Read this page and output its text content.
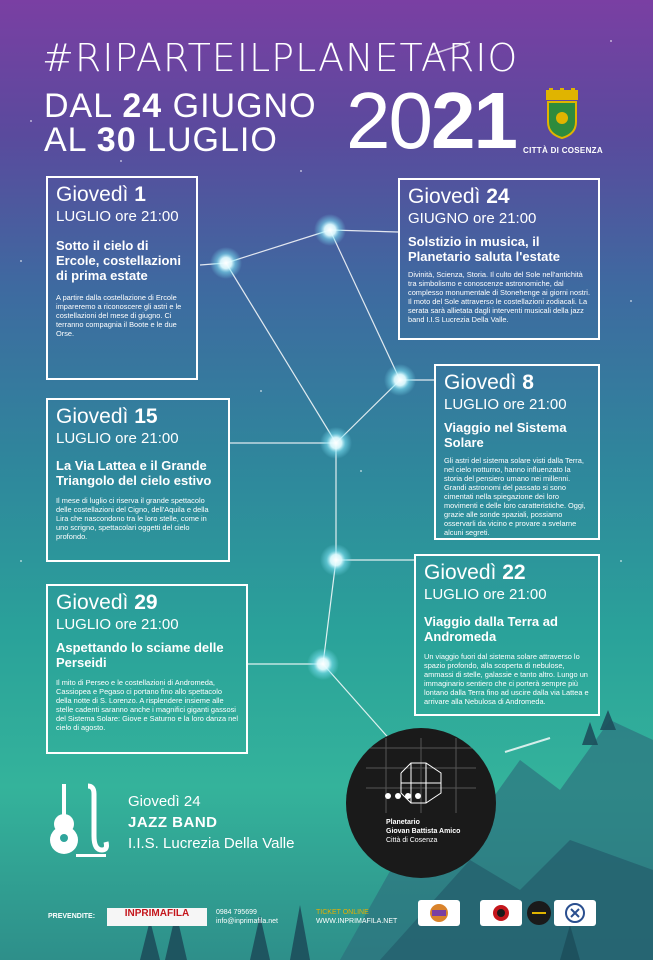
#RIPARTEILPLANETARIO
DAL 24 GIUGNO
AL 30 LUGLIO 2021 CITTÀ DI COSENZA
Giovedì 1
LUGLIO ore 21:00
Sotto il cielo di Ercole, costellazioni di prima estate
A partire dalla costellazione di Ercole impareremo a riconoscere gli astri e le costellazioni del mese di giugno. Ci terranno compagnia il Boote e le due Orse.
Giovedì 24
GIUGNO ore 21:00
Solstizio in musica, il Planetario saluta l'estate
Divinità, Scienza, Storia. Il culto del Sole nell'antichità tra simbolismo e conoscenze astronomiche, dal complesso monumentale di Stonehenge ai giorni nostri. Il moto del Sole attraverso le costellazioni zodiacali. La serata sarà allietata dagli interventi musicali della jazz band I.I.S Lucrezia Della Valle.
Giovedì 8
LUGLIO ore 21:00
Viaggio nel Sistema Solare
Gli astri del sistema solare visti dalla Terra, nel cielo notturno, hanno influenzato la storia del pensiero umano nei millenni. Grandi astronomi del passato si sono cimentati nella spiegazione dei loro movimenti e delle loro caratteristiche. Oggi, grazie alle sonde spaziali, possiamo osservarli da vicino e provare a svelarne alcuni segreti.
Giovedì 15
LUGLIO ore 21:00
La Via Lattea e il Grande Triangolo del cielo estivo
Il mese di luglio ci riserva il grande spettacolo delle costellazioni del Cigno, dell'Aquila e della Lira che nascondono tra le loro stelle, come in uno scrigno, spettacolari oggetti del cielo profondo.
Giovedì 22
LUGLIO ore 21:00
Viaggio dalla Terra ad Andromeda
Un viaggio fuori dal sistema solare attraverso lo spazio profondo, alla scoperta di nebulose, ammassi di stelle, galassie e tanto altro. Lungo un immaginario sentiero che ci porterà sempre più lontano dalla Terra fino ad uscire dalla via Lattea e arrivare alla Nebulosa di Andromeda.
Giovedì 29
LUGLIO ore 21:00
Aspettando lo sciame delle Perseidi
Il mito di Perseo e le costellazioni di Andromeda, Cassiopea e Pegaso ci portano fino allo spettacolo della notte di S. Lorenzo. A risplendere insieme alle stelle cadenti saranno anche i magnifici giganti gassosi del Sistema Solare: Giove e Saturno e la loro danza nel cielo di agosto.
Giovedì 24
JAZZ BAND
I.I.S. Lucrezia Della Valle
Planetario
Giovan Battista Amico
Città di Cosenza
PREVENDITE:	INPRIMAFILA	0984 795699
info@inprimafila.net
TICKET ONLINE
WWW.INPRIMAFILA.NET
